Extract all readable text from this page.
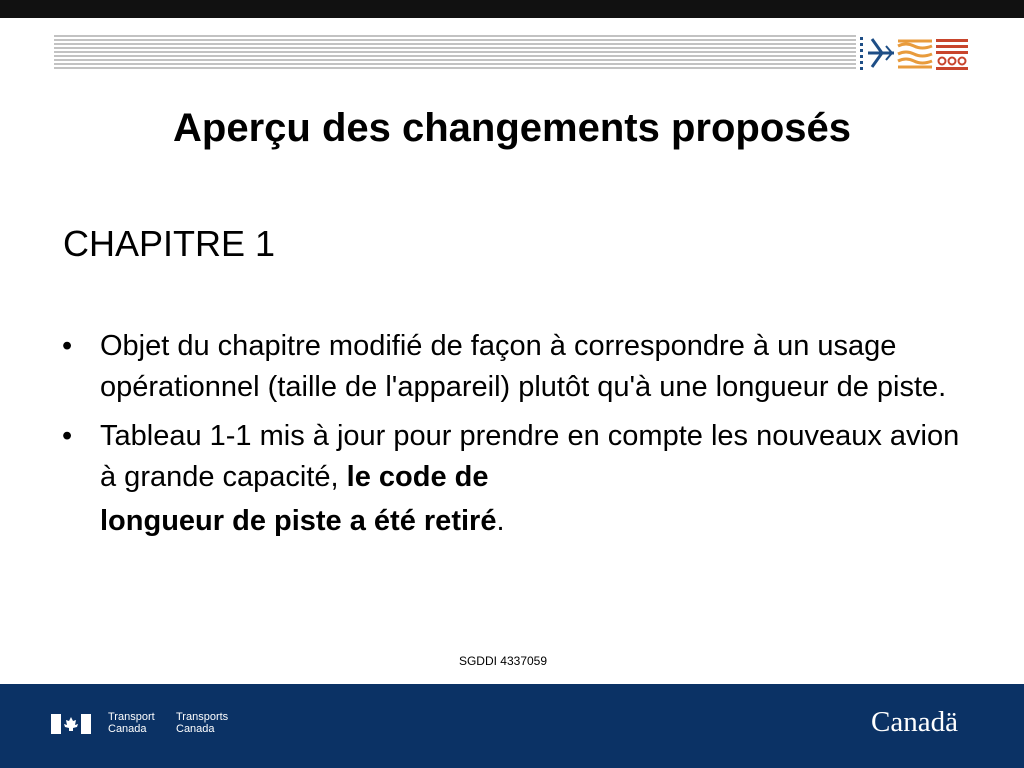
Aperçu des changements proposés

CHAPITRE 1

• Objet du chapitre modifié de façon à correspondre à un usage opérationnel (taille de l'appareil) plutôt qu'à une longueur de piste.
• Tableau 1-1 mis à jour pour prendre en compte les nouveaux avion à grande capacité, le code de
longueur de piste a été retiré.
SGDDI 4337059
Transport
Canada
Transports
Canada	Canadä
